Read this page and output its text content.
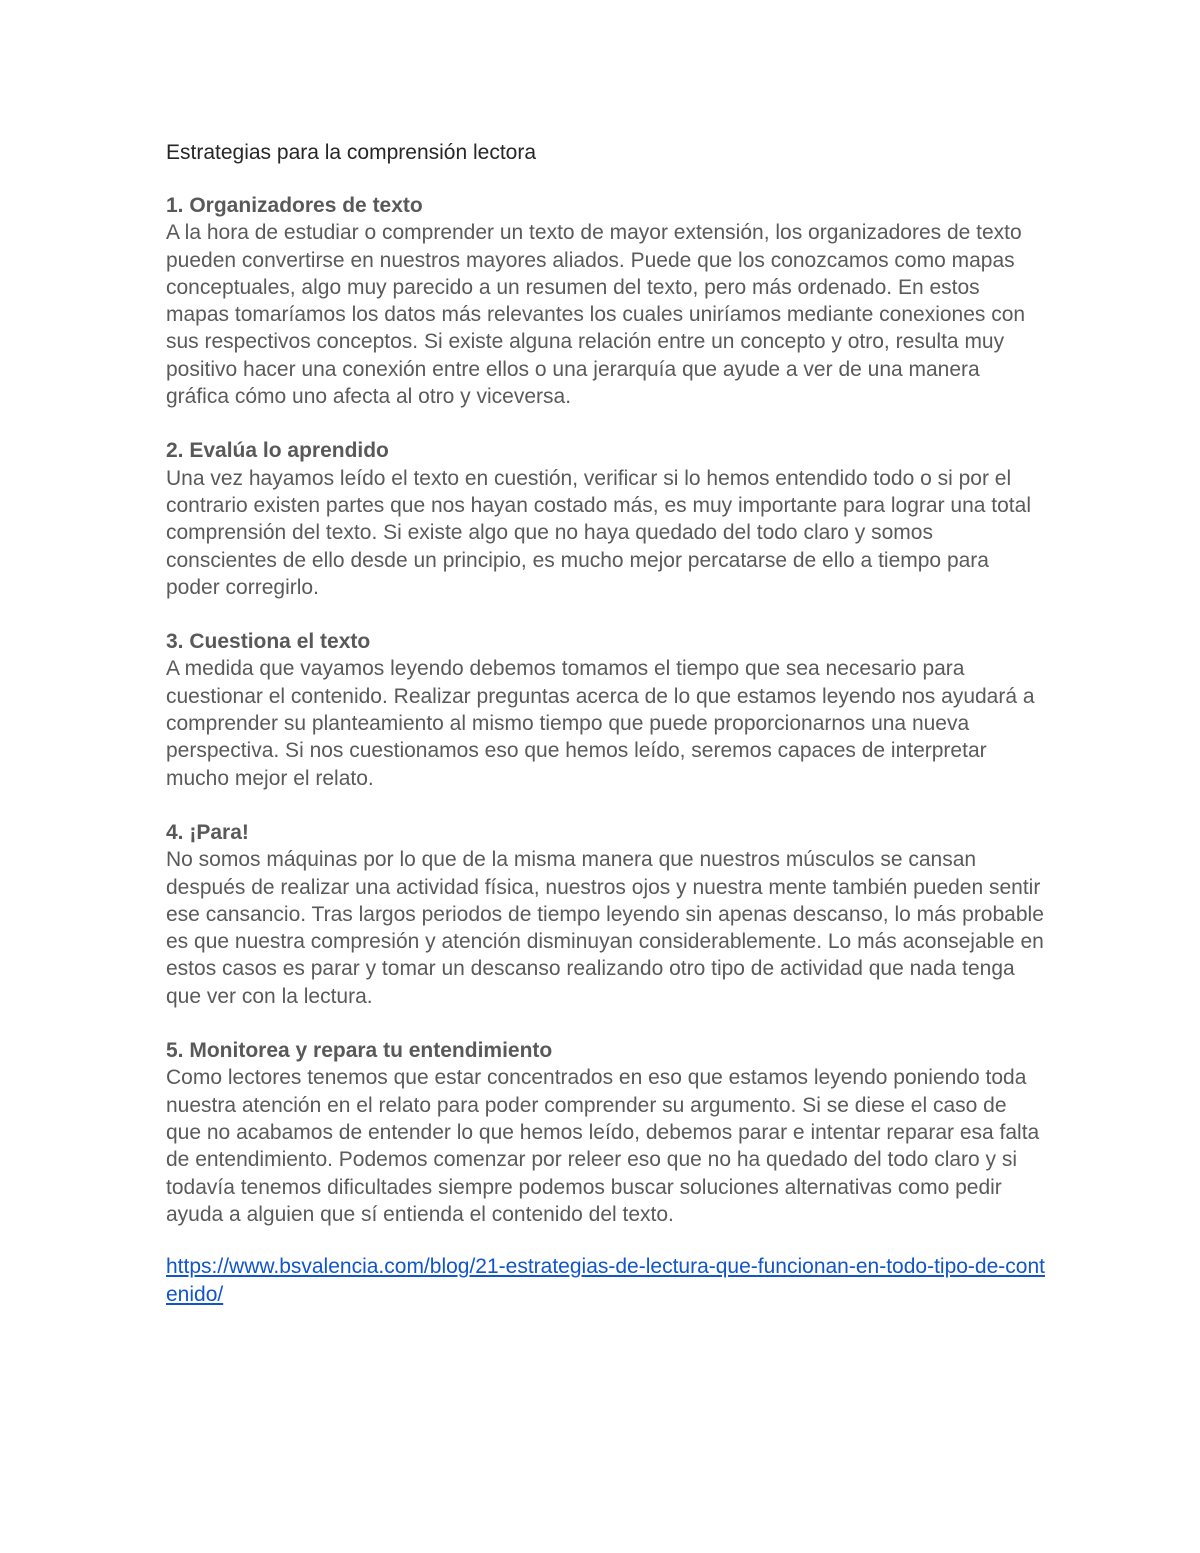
Estrategias para la comprensión lectora
1. Organizadores de texto

A la hora de estudiar o comprender un texto de mayor extensión, los organizadores de texto pueden convertirse en nuestros mayores aliados. Puede que los conozcamos como mapas conceptuales, algo muy parecido a un resumen del texto, pero más ordenado. En estos mapas tomaríamos los datos más relevantes los cuales uniríamos mediante conexiones con sus respectivos conceptos. Si existe alguna relación entre un concepto y otro, resulta muy positivo hacer una conexión entre ellos o una jerarquía que ayude a ver de una manera gráfica cómo uno afecta al otro y viceversa.

2. Evalúa lo aprendido

Una vez hayamos leído el texto en cuestión, verificar si lo hemos entendido todo o si por el contrario existen partes que nos hayan costado más, es muy importante para lograr una total comprensión del texto. Si existe algo que no haya quedado del todo claro y somos conscientes de ello desde un principio, es mucho mejor percatarse de ello a tiempo para poder corregirlo.

3. Cuestiona el texto

A medida que vayamos leyendo debemos tomamos el tiempo que sea necesario para cuestionar el contenido. Realizar preguntas acerca de lo que estamos leyendo nos ayudará a comprender su planteamiento al mismo tiempo que puede proporcionarnos una nueva perspectiva. Si nos cuestionamos eso que hemos leído, seremos capaces de interpretar mucho mejor el relato.

4. ¡Para!

No somos máquinas por lo que de la misma manera que nuestros músculos se cansan después de realizar una actividad física, nuestros ojos y nuestra mente también pueden sentir ese cansancio. Tras largos periodos de tiempo leyendo sin apenas descanso, lo más probable es que nuestra compresión y atención disminuyan considerablemente. Lo más aconsejable en estos casos es parar y tomar un descanso realizando otro tipo de actividad que nada tenga que ver con la lectura.

5. Monitorea y repara tu entendimiento

Como lectores tenemos que estar concentrados en eso que estamos leyendo poniendo toda nuestra atención en el relato para poder comprender su argumento. Si se diese el caso de que no acabamos de entender lo que hemos leído, debemos parar e intentar reparar esa falta de entendimiento. Podemos comenzar por releer eso que no ha quedado del todo claro y si todavía tenemos dificultades siempre podemos buscar soluciones alternativas como pedir ayuda a alguien que sí entienda el contenido del texto.

https://www.bsvalencia.com/blog/21-estrategias-de-lectura-que-funcionan-en-todo-tipo-de-contenido/
